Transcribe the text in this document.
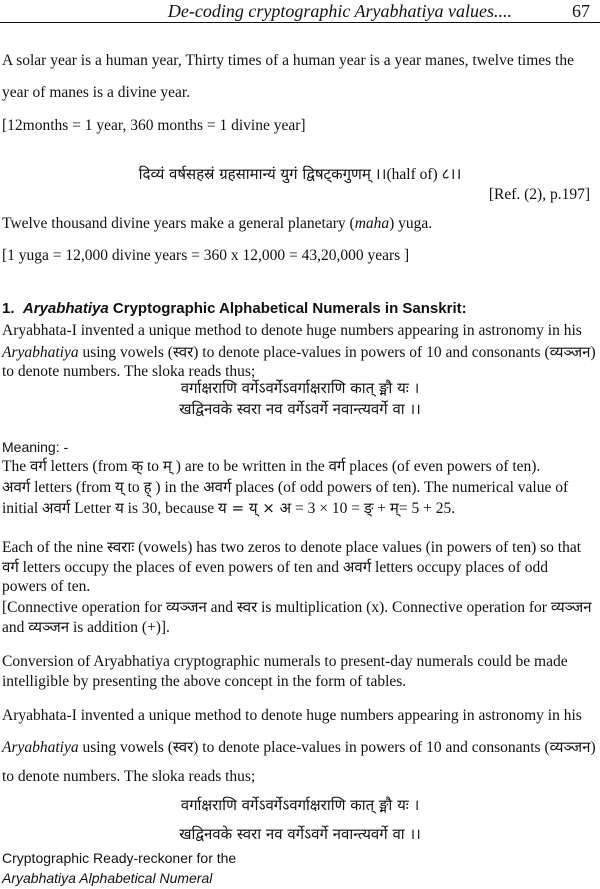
De-coding cryptographic Aryabhatiya values....	67
A solar year is a human year, Thirty times of a human year is a year manes, twelve times the
year of manes is a divine year.
[12months = 1 year, 360 months = 1 divine year]
दिव्यं वर्षसहस्रं ग्रहसामान्यं युगं द्विषट्कगुणम् ।।(half of) ८।।
[Ref. (2), p.197]
Twelve thousand divine years make a general planetary (maha) yuga.
[1 yuga = 12,000 divine years = 360 x 12,000 = 43,20,000 years ]
1. Aryabhatiya Cryptographic Alphabetical Numerals in Sanskrit:
Aryabhata-I invented a unique method to denote huge numbers appearing in astronomy in his
Aryabhatiya using vowels (स्वर) to denote place-values in powers of 10 and consonants (व्यञ्जन)
to denote numbers. The sloka reads thus;
वर्गाक्षराणि वर्गेऽवर्गेऽवर्गाक्षराणि कात् ङ्मौ यः ।
खद्विनवके स्वरा नव वर्गेऽवर्गे नवान्त्यवर्गे वा ।।
Meaning: -
The वर्ग letters (from क् to म् ) are to be written in the वर्ग places (of even powers of ten).
अवर्ग letters (from य् to ह् ) in the अवर्ग places (of odd powers of ten). The numerical value of
initial अवर्ग Letter य is 30, because य = य् × अ = 3 × 10 = ङ् + म्= 5 + 25.
Each of the nine स्वराः (vowels) has two zeros to denote place values (in powers of ten) so that
वर्ग letters occupy the places of even powers of ten and अवर्ग letters occupy places of odd
powers of ten.
[Connective operation for व्यञ्जन and स्वर is multiplication (x). Connective operation for व्यञ्जन
and व्यञ्जन is addition (+)].
Conversion of Aryabhatiya cryptographic numerals to present-day numerals could be made
intelligible by presenting the above concept in the form of tables.
Aryabhata-I invented a unique method to denote huge numbers appearing in astronomy in his
Aryabhatiya using vowels (स्वर) to denote place-values in powers of 10 and consonants (व्यञ्जन)
to denote numbers. The sloka reads thus;
वर्गाक्षराणि वर्गेऽवर्गेऽवर्गाक्षराणि कात् ङ्मौ यः ।
खद्विनवके स्वरा नव वर्गेऽवर्गे नवान्त्यवर्गे वा ।।
Cryptographic Ready-reckoner for the
Aryabhatiya Alphabetical Numeral
